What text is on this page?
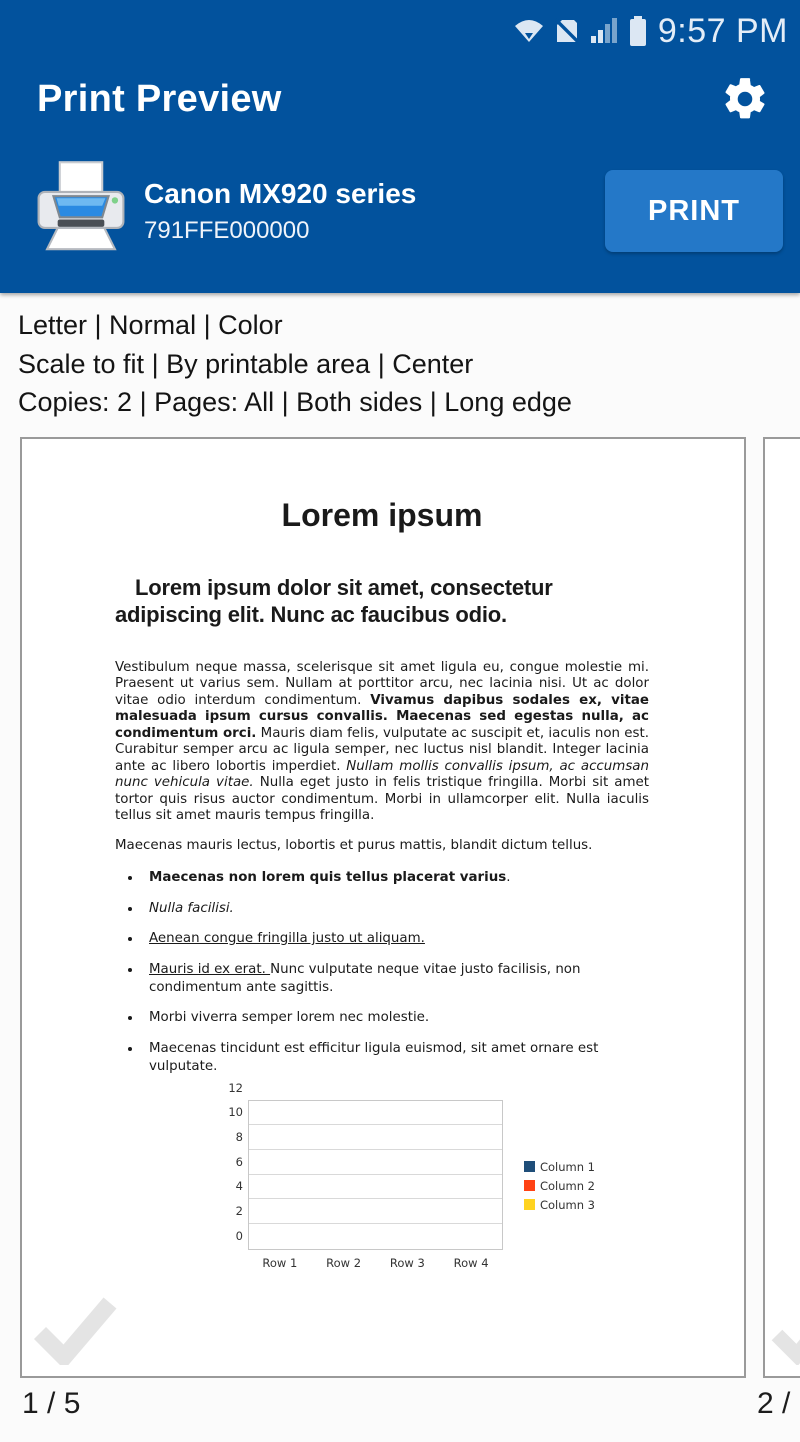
9:57 PM
Print Preview
Canon MX920 series
791FFE000000
PRINT
Letter | Normal | Color
Scale to fit | By printable area | Center
Copies: 2 | Pages: All | Both sides | Long edge
Lorem ipsum
Lorem ipsum dolor sit amet, consectetur adipiscing elit. Nunc ac faucibus odio.

Vestibulum neque massa, scelerisque sit amet ligula eu, congue molestie mi. Praesent ut varius sem. Nullam at porttitor arcu, nec lacinia nisi. Ut ac dolor vitae odio interdum condimentum. Vivamus dapibus sodales ex, vitae malesuada ipsum cursus convallis. Maecenas sed egestas nulla, ac condimentum orci. Mauris diam felis, vulputate ac suscipit et, iaculis non est. Curabitur semper arcu ac ligula semper, nec luctus nisl blandit. Integer lacinia ante ac libero lobortis imperdiet. Nullam mollis convallis ipsum, ac accumsan nunc vehicula vitae. Nulla eget justo in felis tristique fringilla. Morbi sit amet tortor quis risus auctor condimentum. Morbi in ullamcorper elit. Nulla iaculis tellus sit amet mauris tempus fringilla.

Maecenas mauris lectus, lobortis et purus mattis, blandit dictum tellus.

• Maecenas non lorem quis tellus placerat varius.
• Nulla facilisi.
• Aenean congue fringilla justo ut aliquam.
• Mauris id ex erat. Nunc vulputate neque vitae justo facilisis, non condimentum ante sagittis.
• Morbi viverra semper lorem nec molestie.
• Maecenas tincidunt est efficitur ligula euismod, sit amet ornare est vulputate.
0
2
4
6
8
10
12
Row 1	Row 2	Row 3	Row 4
Column 1
Column 2
Column 3
1 / 5	2 /
